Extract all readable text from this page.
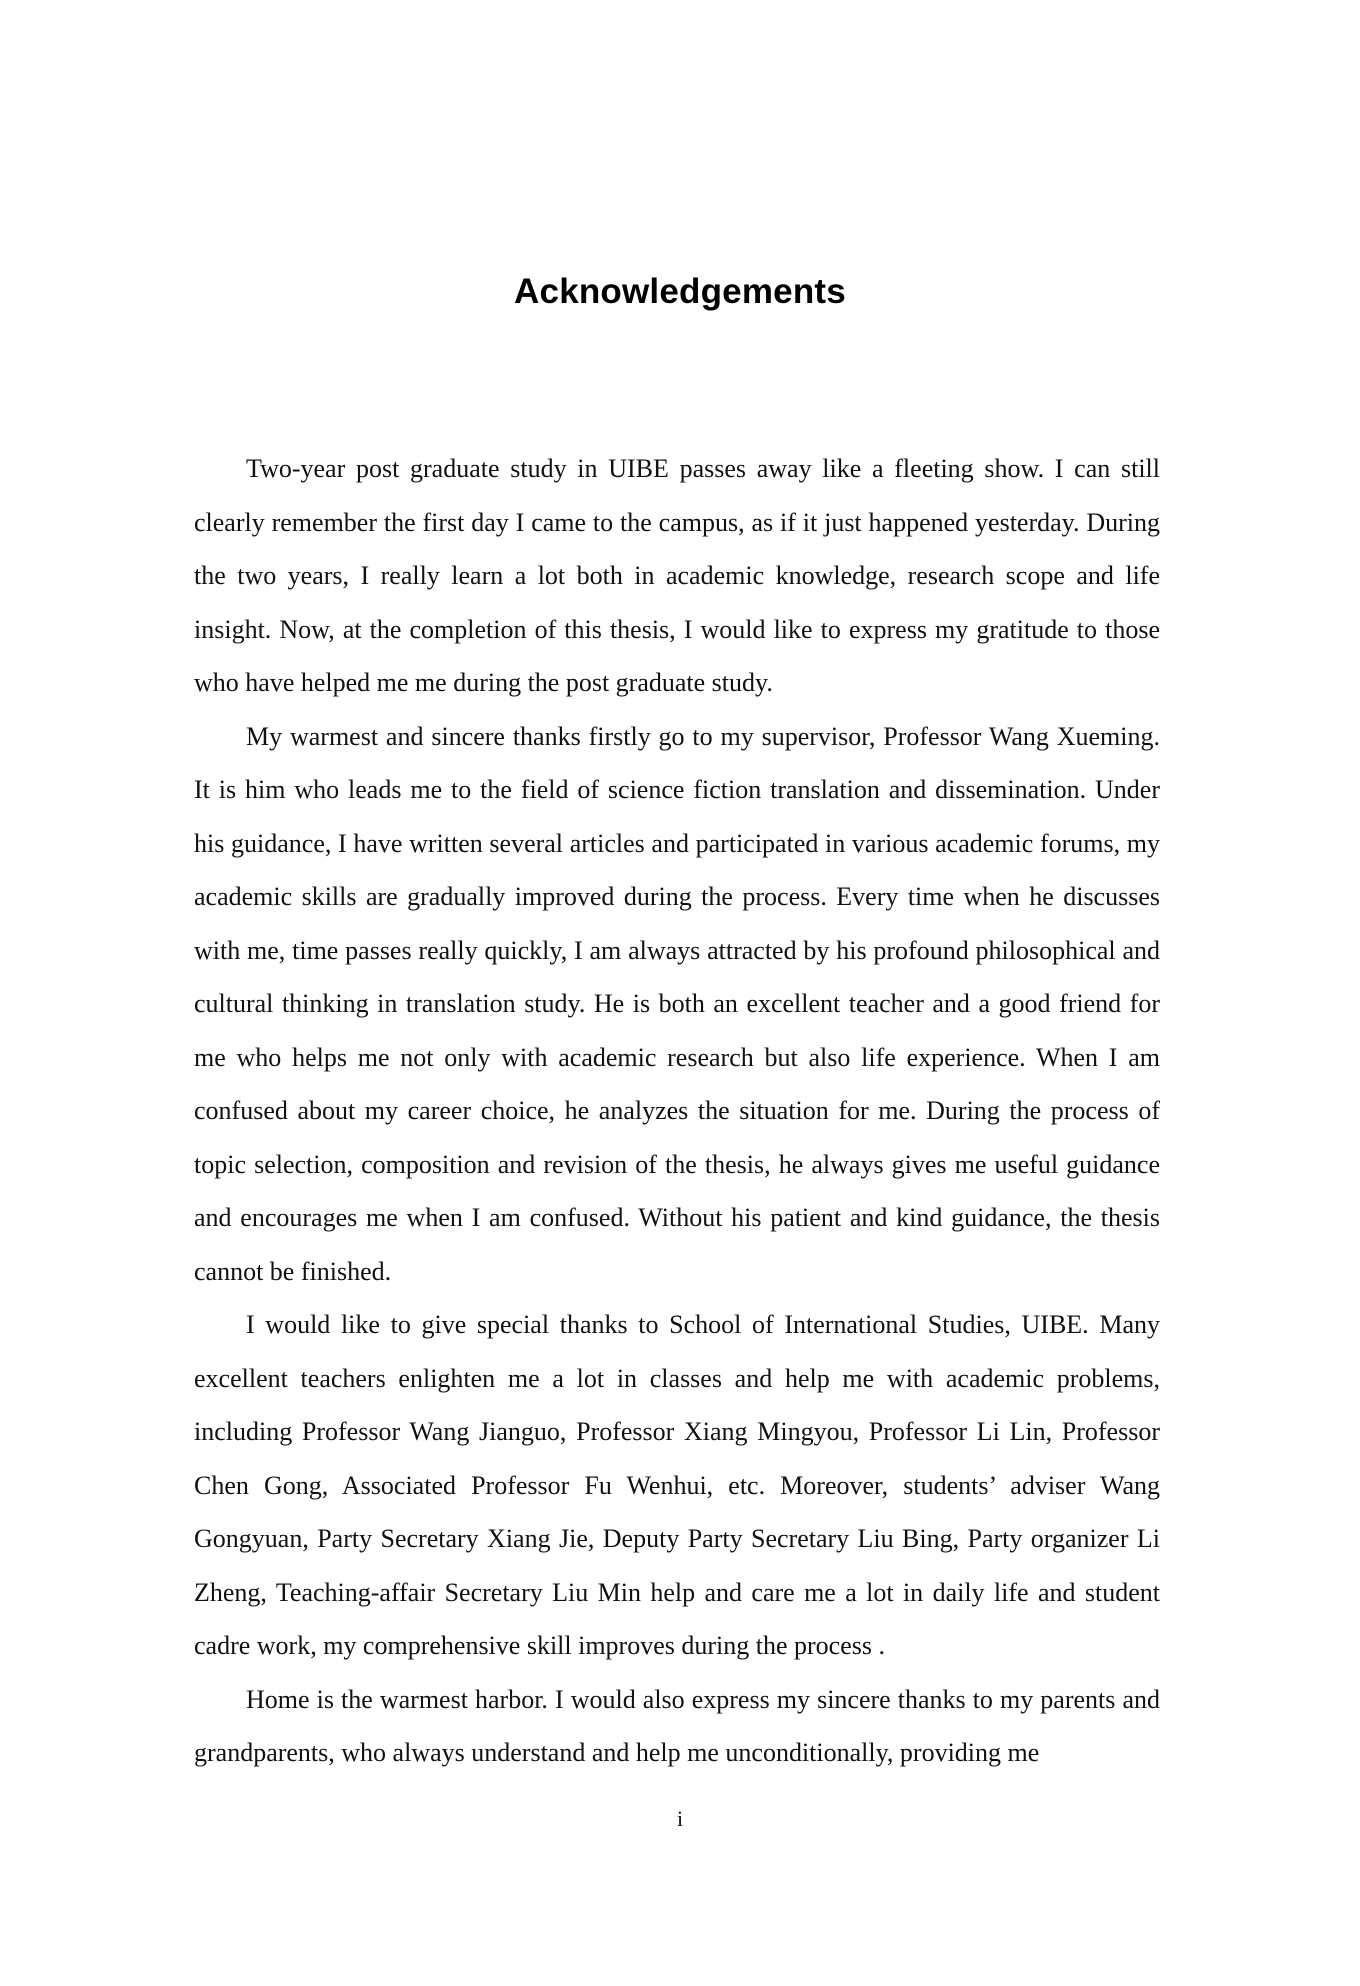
Acknowledgements

Two-year post graduate study in UIBE passes away like a fleeting show. I can still clearly remember the first day I came to the campus, as if it just happened yesterday. During the two years, I really learn a lot both in academic knowledge, research scope and life insight. Now, at the completion of this thesis, I would like to express my gratitude to those who have helped me me during the post graduate study.

My warmest and sincere thanks firstly go to my supervisor, Professor Wang Xueming. It is him who leads me to the field of science fiction translation and dissemination. Under his guidance, I have written several articles and participated in various academic forums, my academic skills are gradually improved during the process. Every time when he discusses with me, time passes really quickly, I am always attracted by his profound philosophical and cultural thinking in translation study. He is both an excellent teacher and a good friend for me who helps me not only with academic research but also life experience. When I am confused about my career choice, he analyzes the situation for me. During the process of topic selection, composition and revision of the thesis, he always gives me useful guidance and encourages me when I am confused. Without his patient and kind guidance, the thesis cannot be finished.

I would like to give special thanks to School of International Studies, UIBE. Many excellent teachers enlighten me a lot in classes and help me with academic problems, including Professor Wang Jianguo, Professor Xiang Mingyou, Professor Li Lin, Professor Chen Gong, Associated Professor Fu Wenhui, etc. Moreover, students’ adviser Wang Gongyuan, Party Secretary Xiang Jie, Deputy Party Secretary Liu Bing, Party organizer Li Zheng, Teaching-affair Secretary Liu Min help and care me a lot in daily life and student cadre work, my comprehensive skill improves during the process .

Home is the warmest harbor. I would also express my sincere thanks to my parents and grandparents, who always understand and help me unconditionally, providing me

i
